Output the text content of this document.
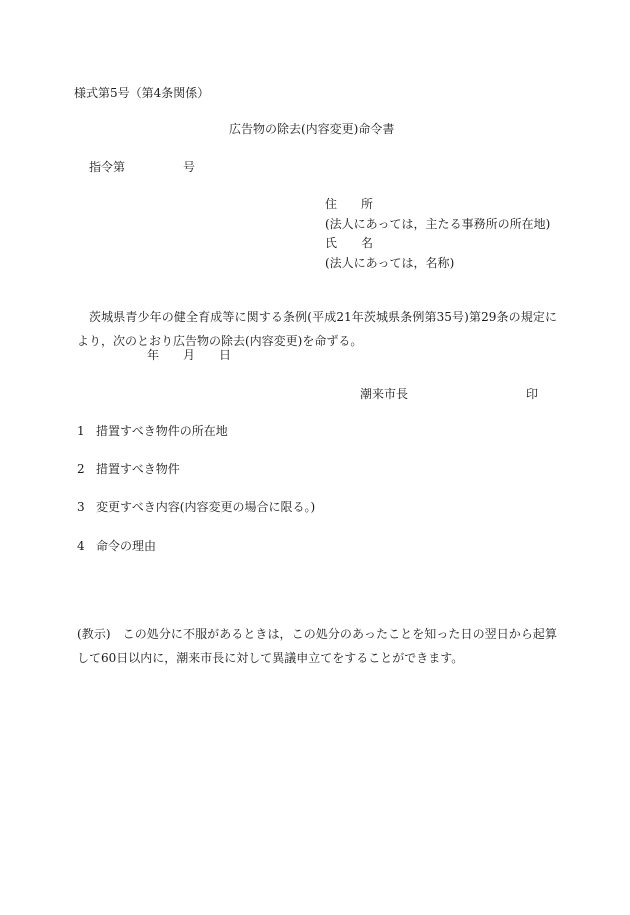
様式第5号（第4条関係）

広告物の除去(内容変更)命令書
指令第	号
住　　所
(法人にあっては，主たる事務所の所在地)
氏　　名
(法人にあっては，名称)

茨城県青少年の健全育成等に関する条例(平成21年茨城県条例第35号)第29条の規定により，次のとおり広告物の除去(内容変更)を命ずる。

年 月 日
潮来市長	印
1 措置すべき物件の所在地
2 措置すべき物件
3 変更すべき内容(内容変更の場合に限る。)
4 命令の理由

(教示) この処分に不服があるときは，この処分のあったことを知った日の翌日から起算して60日以内に，潮来市長に対して異議申立てをすることができます。
